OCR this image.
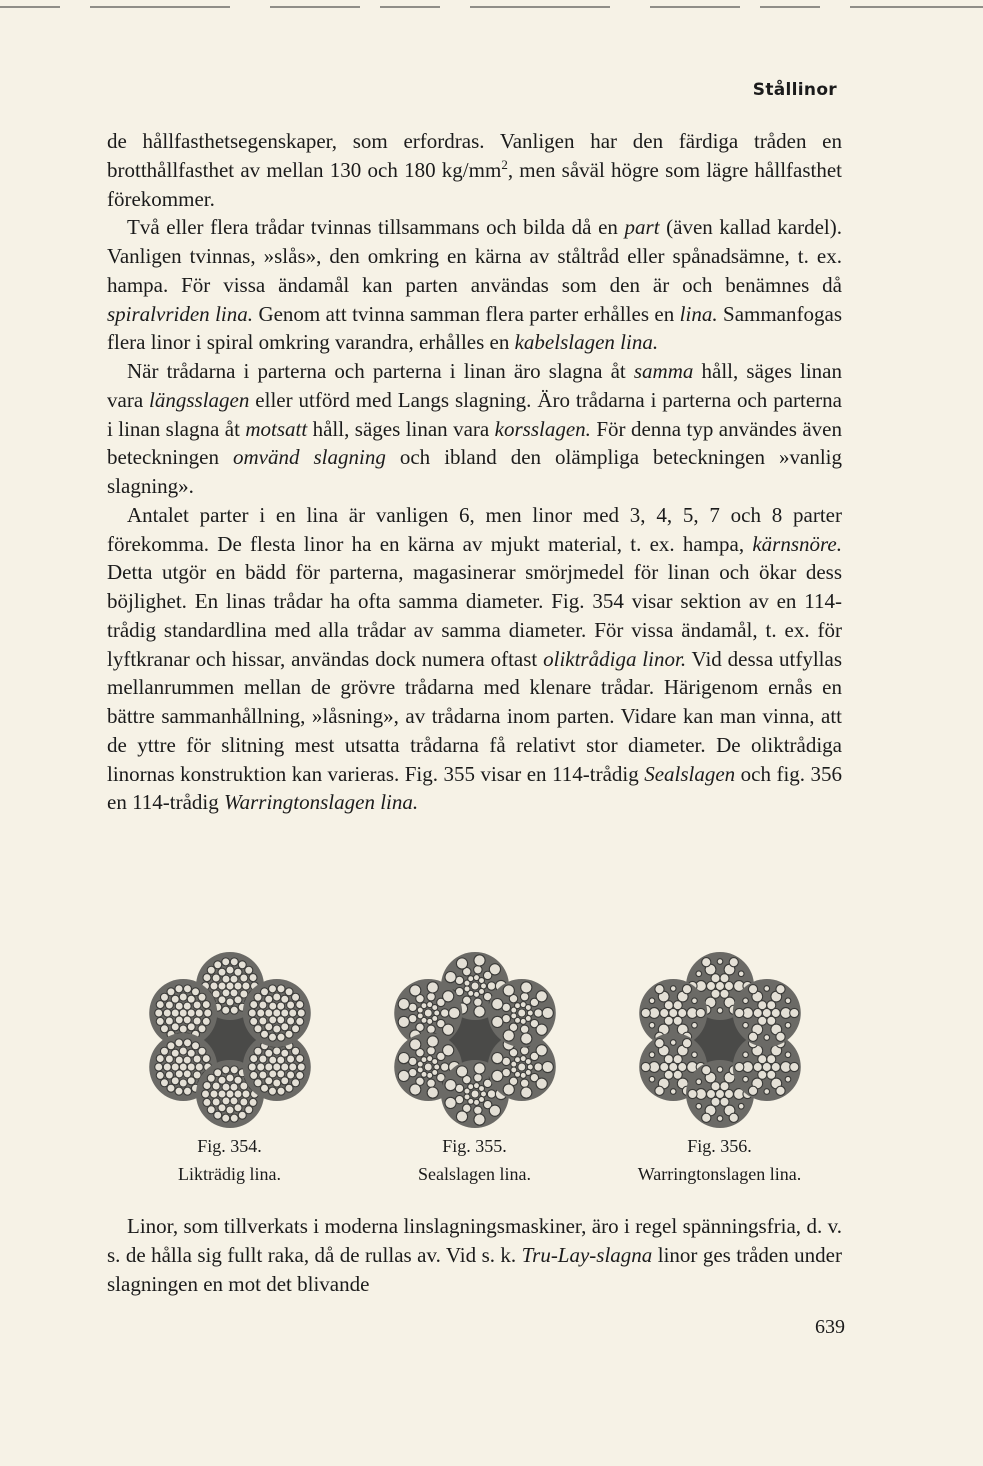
Stållinor

de hållfasthetsegenskaper, som erfordras. Vanligen har den färdiga tråden en brotthållfasthet av mellan 130 och 180 $kg/mm^2$, men såväl högre som lägre hållfasthet förekommer.

Två eller flera trådar tvinnas tillsammans och bilda då en part (även kallad kardel). Vanligen tvinnas, »slås», den omkring en kärna av ståltråd eller spånadsämne, t. ex. hampa. För vissa ändamål kan parten användas som den är och benämnes då spiralvriden lina. Genom att tvinna samman flera parter erhålles en lina. Sammanfogas flera linor i spiral omkring varandra, erhålles en kabelslagen lina.

När trådarna i parterna och parterna i linan äro slagna åt samma håll, säges linan vara längsslagen eller utförd med Langs slagning. Äro trådarna i parterna och parterna i linan slagna åt motsatt håll, säges linan vara korsslagen. För denna typ användes även beteckningen omvänd slagning och ibland den olämpliga beteckningen »vanlig slagning».

Antalet parter i en lina är vanligen 6, men linor med 3, 4, 5, 7 och 8 parter förekomma. De flesta linor ha en kärna av mjukt material, t. ex. hampa, kärnsnöre. Detta utgör en bädd för parterna, magasinerar smörjmedel för linan och ökar dess böjlighet. En linas trådar ha ofta samma diameter. Fig. 354 visar sektion av en 114-trådig standardlina med alla trådar av samma diameter. För vissa ändamål, t. ex. för lyftkranar och hissar, användas dock numera oftast oliktrådiga linor. Vid dessa utfyllas mellanrummen mellan de grövre trådarna med klenare trådar. Härigenom ernås en bättre sammanhållning, »låsning», av trådarna inom parten. Vidare kan man vinna, att de yttre för slitning mest utsatta trådarna få relativt stor diameter. De oliktrådiga linornas konstruktion kan varieras. Fig. 355 visar en 114-trådig Sealslagen och fig. 356 en 114-trådig Warringtonslagen lina.

Fig. 354.
Likträdig lina.
Fig. 355.
Sealslagen lina.
Fig. 356.
Warringtonslagen lina.

Linor, som tillverkats i moderna linslagningsmaskiner, äro i regel spänningsfria, d. v. s. de hålla sig fullt raka, då de rullas av. Vid s. k. Tru-Lay-slagna linor ges tråden under slagningen en mot det blivande

639
